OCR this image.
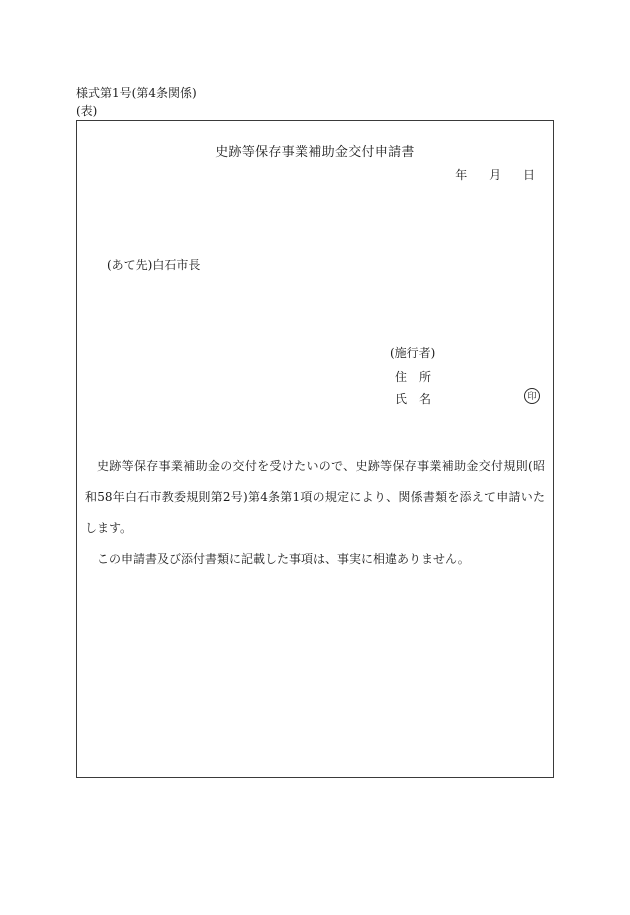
様式第1号(第4条関係)
(表)
史跡等保存事業補助金交付申請書
年 月 日
(あて先)白石市長
(施行者)
住　所
氏　名	印

史跡等保存事業補助金の交付を受けたいので、史跡等保存事業補助金交付規則(昭和58年白石市教委規則第2号)第4条第1項の規定により、関係書類を添えて申請いたします。

この申請書及び添付書類に記載した事項は、事実に相違ありません。
